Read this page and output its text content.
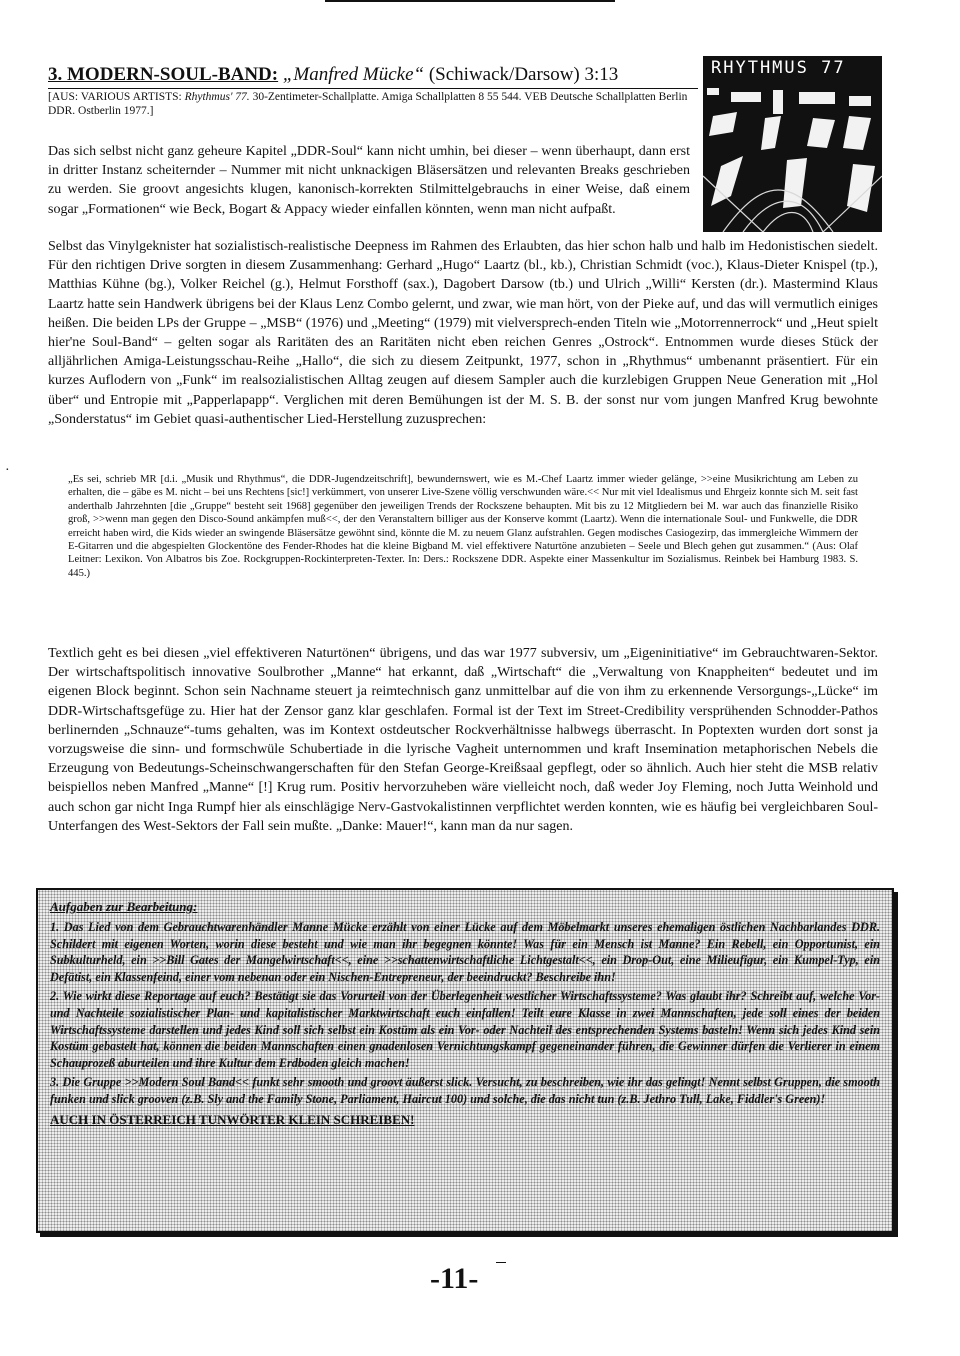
3. MODERN-SOUL-BAND: „Manfred Mücke“ (Schiwack/Darsow) 3:13
[AUS: VARIOUS ARTISTS: Rhythmus' 77. 30-Zentimeter-Schallplatte. Amiga Schallplatten 8 55 544. VEB Deutsche Schallplatten Berlin DDR. Ostberlin 1977.]
RHYTHMUS 77
Das sich selbst nicht ganz geheure Kapitel „DDR-Soul“ kann nicht umhin, bei dieser – wenn überhaupt, dann erst in dritter Instanz scheiternder – Nummer mit nicht unknackigen Bläsersätzen und relevanten Breaks geschrieben zu werden. Sie groovt angesichts klugen, kanonisch-korrekten Stilmittelgebrauchs in einer Weise, daß einem sogar „Formationen“ wie Beck, Bogart & Appacy wieder einfallen könnten, wenn man nicht aufpaßt.
Selbst das Vinylgeknister hat sozialistisch-realistische Deepness im Rahmen des Erlaubten, das hier schon halb und halb im Hedonistischen siedelt. Für den richtigen Drive sorgten in diesem Zusammenhang: Gerhard „Hugo“ Laartz (bl., kb.), Christian Schmidt (voc.), Klaus-Dieter Knispel (tp.), Matthias Kühne (bg.), Volker Reichel (g.), Helmut Forsthoff (sax.), Dagobert Darsow (tb.) und Ulrich „Willi“ Kersten (dr.). Mastermind Klaus Laartz hatte sein Handwerk übrigens bei der Klaus Lenz Combo gelernt, und zwar, wie man hört, von der Pieke auf, und das will vermutlich einiges heißen. Die beiden LPs der Gruppe – „MSB“ (1976) und „Meeting“ (1979) mit vielversprech-enden Titeln wie „Motorrennerrock“ und „Heut spielt hier'ne Soul-Band“ – gelten sogar als Raritäten des an Raritäten nicht eben reichen Genres „Ostrock“. Entnommen wurde dieses Stück der alljährlichen Amiga-Leistungsschau-Reihe „Hallo“, die sich zu diesem Zeitpunkt, 1977, schon in „Rhythmus“ umbenannt präsentiert. Für ein kurzes Auflodern von „Funk“ im realsozialistischen Alltag zeugen auf diesem Sampler auch die kurzlebigen Gruppen Neue Generation mit „Hol über“ und Entropie mit „Papperlapapp“. Verglichen mit deren Bemühungen ist der M. S. B. der sonst nur vom jungen Manfred Krug bewohnte „Sonderstatus“ im Gebiet quasi-authentischer Lied-Herstellung zuzusprechen:
·
„Es sei, schrieb MR [d.i. „Musik und Rhythmus“, die DDR-Jugendzeitschrift], bewundernswert, wie es M.-Chef Laartz immer wieder gelänge, >>eine Musikrichtung am Leben zu erhalten, die – gäbe es M. nicht – bei uns Rechtens [sic!] verkümmert, von unserer Live-Szene völlig verschwunden wäre.<< Nur mit viel Idealismus und Ehrgeiz konnte sich M. seit fast anderthalb Jahrzehnten [die „Gruppe“ besteht seit 1968] gegenüber den jeweiligen Trends der Rockszene behaupten. Mit bis zu 12 Mitgliedern bei M. war auch das finanzielle Risiko groß, >>wenn man gegen den Disco-Sound ankämpfen muß<<, der den Veranstaltern billiger aus der Konserve kommt (Laartz). Wenn die internationale Soul- und Funkwelle, die DDR erreicht haben wird, die Kids wieder an swingende Bläsersätze gewöhnt sind, könnte die M. zu neuem Glanz aufstrahlen. Gegen modisches Casiogezirp, das immergleiche Wimmern der E-Gitarren und die abgespielten Glockentöne des Fender-Rhodes hat die kleine Bigband M. viel effektivere Naturtöne anzubieten – Seele und Blech gehen gut zusammen.“ (Aus: Olaf Leitner: Lexikon. Von Albatros bis Zoe. Rockgruppen-Rockinterpreten-Texter. In: Ders.: Rockszene DDR. Aspekte einer Massenkultur im Sozialismus. Reinbek bei Hamburg 1983. S. 445.)
Textlich geht es bei diesen „viel effektiveren Naturtönen“ übrigens, und das war 1977 subversiv, um „Eigeninitiative“ im Gebrauchtwaren-Sektor. Der wirtschaftspolitisch innovative Soulbrother „Manne“ hat erkannt, daß „Wirtschaft“ die „Verwaltung von Knappheiten“ bedeutet und im eigenen Block beginnt. Schon sein Nachname steuert ja reimtechnisch ganz unmittelbar auf die von ihm zu erkennende Versorgungs-„Lücke“ im DDR-Wirtschaftsgefüge zu. Hier hat der Zensor ganz klar geschlafen. Formal ist der Text im Street-Credibility versprühenden Schnodder-Pathos berlinernden „Schnauze“-tums gehalten, was im Kontext ostdeutscher Rockverhältnisse halbwegs überrascht. In Poptexten wurden dort sonst ja vorzugsweise die sinn- und formschwüle Schubertiade in die lyrische Vagheit unternommen und kraft Insemination metaphorischen Nebels die Erzeugung von Bedeutungs-Scheinschwangerschaften für den Stefan George-Kreißsaal gepflegt, oder so ähnlich. Auch hier steht die MSB relativ beispiellos neben Manfred „Manne“ [!] Krug rum. Positiv hervorzuheben wäre vielleicht noch, daß weder Joy Fleming, noch Jutta Weinhold und auch schon gar nicht Inga Rumpf hier als einschlägige Nerv-Gastvokalistinnen verpflichtet werden konnten, wie es häufig bei vergleichbaren Soul-Unterfangen des West-Sektors der Fall sein mußte. „Danke: Mauer!“, kann man da nur sagen.
Aufgaben zur Bearbeitung:
1. Das Lied von dem Gebrauchtwarenhändler Manne Mücke erzählt von einer Lücke auf dem Möbelmarkt unseres ehemaligen östlichen Nachbarlandes DDR. Schildert mit eigenen Worten, worin diese besteht und wie man ihr begegnen könnte! Was für ein Mensch ist Manne? Ein Rebell, ein Opportunist, ein Subkulturheld, ein >>Bill Gates der Mangelwirtschaft<<, eine >>schattenwirtschaftliche Lichtgestalt<<, ein Drop-Out, eine Milieufigur, ein Kumpel-Typ, ein Defätist, ein Klassenfeind, einer vom nebenan oder ein Nischen-Entrepreneur, der beeindruckt? Beschreibe ihn!
2. Wie wirkt diese Reportage auf euch? Bestätigt sie das Vorurteil von der Überlegenheit westlicher Wirtschaftssysteme? Was glaubt ihr? Schreibt auf, welche Vor- und Nachteile sozialistischer Plan- und kapitalistischer Marktwirtschaft euch einfallen! Teilt eure Klasse in zwei Mannschaften, jede soll eines der beiden Wirtschaftssysteme darstellen und jedes Kind soll sich selbst ein Kostüm als ein Vor- oder Nachteil des entsprechenden Systems basteln! Wenn sich jedes Kind sein Kostüm gebastelt hat, können die beiden Mannschaften einen gnadenlosen Vernichtungskampf gegeneinander führen, die Gewinner dürfen die Verlierer in einem Schauprozeß aburteilen und ihre Kultur dem Erdboden gleich machen!
3. Die Gruppe >>Modern Soul Band<< funkt sehr smooth und groovt äußerst slick. Versucht, zu beschreiben, wie ihr das gelingt! Nennt selbst Gruppen, die smooth funken und slick grooven (z.B. Sly and the Family Stone, Parliament, Haircut 100) und solche, die das nicht tun (z.B. Jethro Tull, Lake, Fiddler's Green)!
AUCH IN ÖSTERREICH TUNWÖRTER KLEIN SCHREIBEN!
-11-
